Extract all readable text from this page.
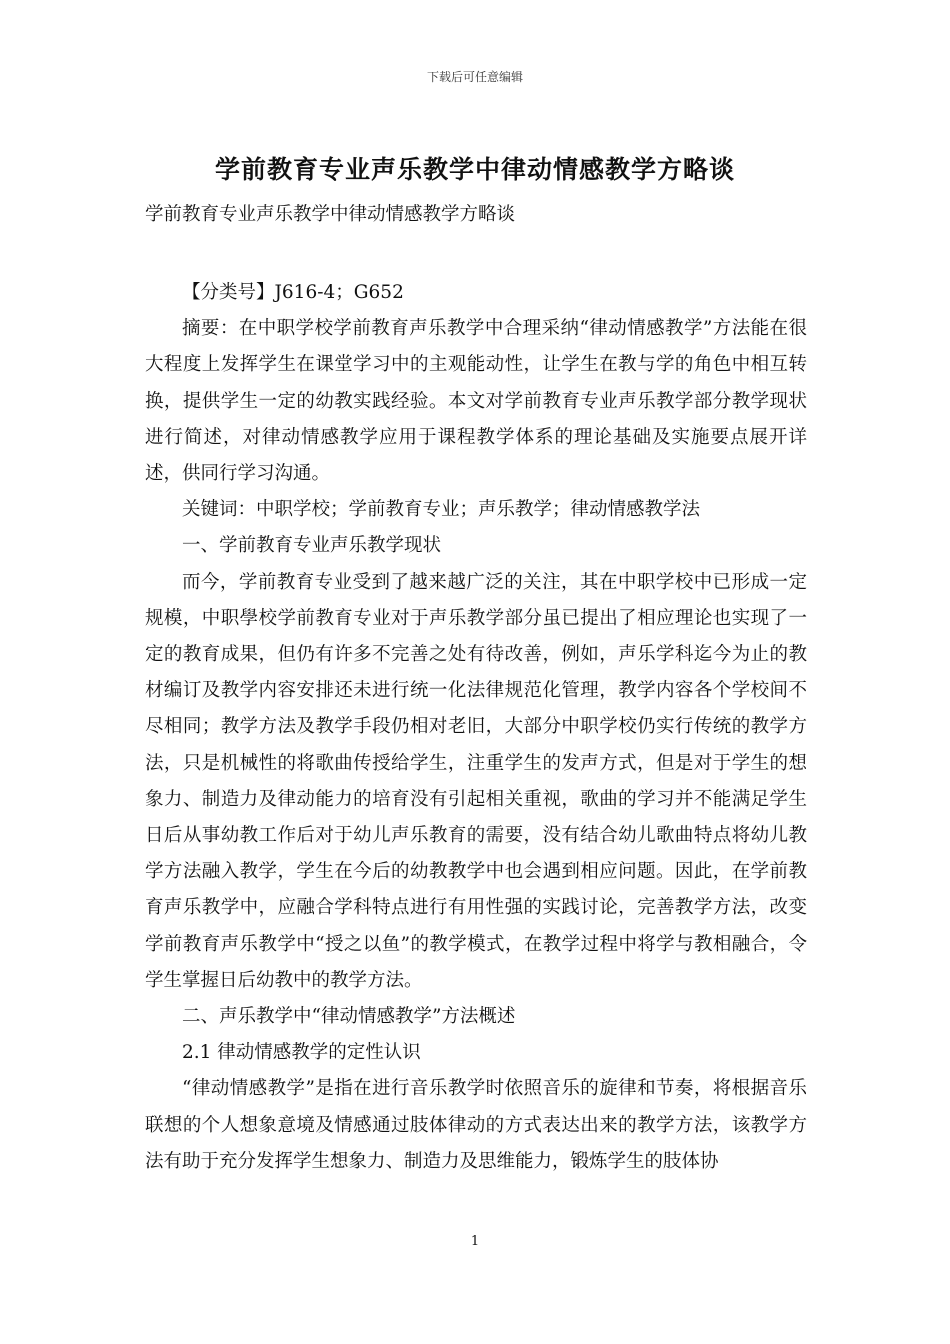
下载后可任意编辑
学前教育专业声乐教学中律动情感教学方略谈
学前教育专业声乐教学中律动情感教学方略谈

【分类号】J616-4；G652

摘要：在中职学校学前教育声乐教学中合理采纳“律动情感教学”方法能在很大程度上发挥学生在课堂学习中的主观能动性，让学生在教与学的角色中相互转换，提供学生一定的幼教实践经验。本文对学前教育专业声乐教学部分教学现状进行简述，对律动情感教学应用于课程教学体系的理论基础及实施要点展开详述，供同行学习沟通。

关键词：中职学校；学前教育专业；声乐教学；律动情感教学法

一、学前教育专业声乐教学现状

而今，学前教育专业受到了越来越广泛的关注，其在中职学校中已形成一定规模，中职學校学前教育专业对于声乐教学部分虽已提出了相应理论也实现了一定的教育成果，但仍有许多不完善之处有待改善，例如，声乐学科迄今为止的教材编订及教学内容安排还未进行统一化法律规范化管理，教学内容各个学校间不尽相同；教学方法及教学手段仍相对老旧，大部分中职学校仍实行传统的教学方法，只是机械性的将歌曲传授给学生，注重学生的发声方式，但是对于学生的想象力、制造力及律动能力的培育没有引起相关重视，歌曲的学习并不能满足学生日后从事幼教工作后对于幼儿声乐教育的需要，没有结合幼儿歌曲特点将幼儿教学方法融入教学，学生在今后的幼教教学中也会遇到相应问题。因此，在学前教育声乐教学中，应融合学科特点进行有用性强的实践讨论，完善教学方法，改变学前教育声乐教学中“授之以鱼”的教学模式，在教学过程中将学与教相融合，令学生掌握日后幼教中的教学方法。

二、声乐教学中“律动情感教学”方法概述

2.1 律动情感教学的定性认识

“律动情感教学”是指在进行音乐教学时依照音乐的旋律和节奏，将根据音乐联想的个人想象意境及情感通过肢体律动的方式表达出来的教学方法，该教学方法有助于充分发挥学生想象力、制造力及思维能力，锻炼学生的肢体协

1
